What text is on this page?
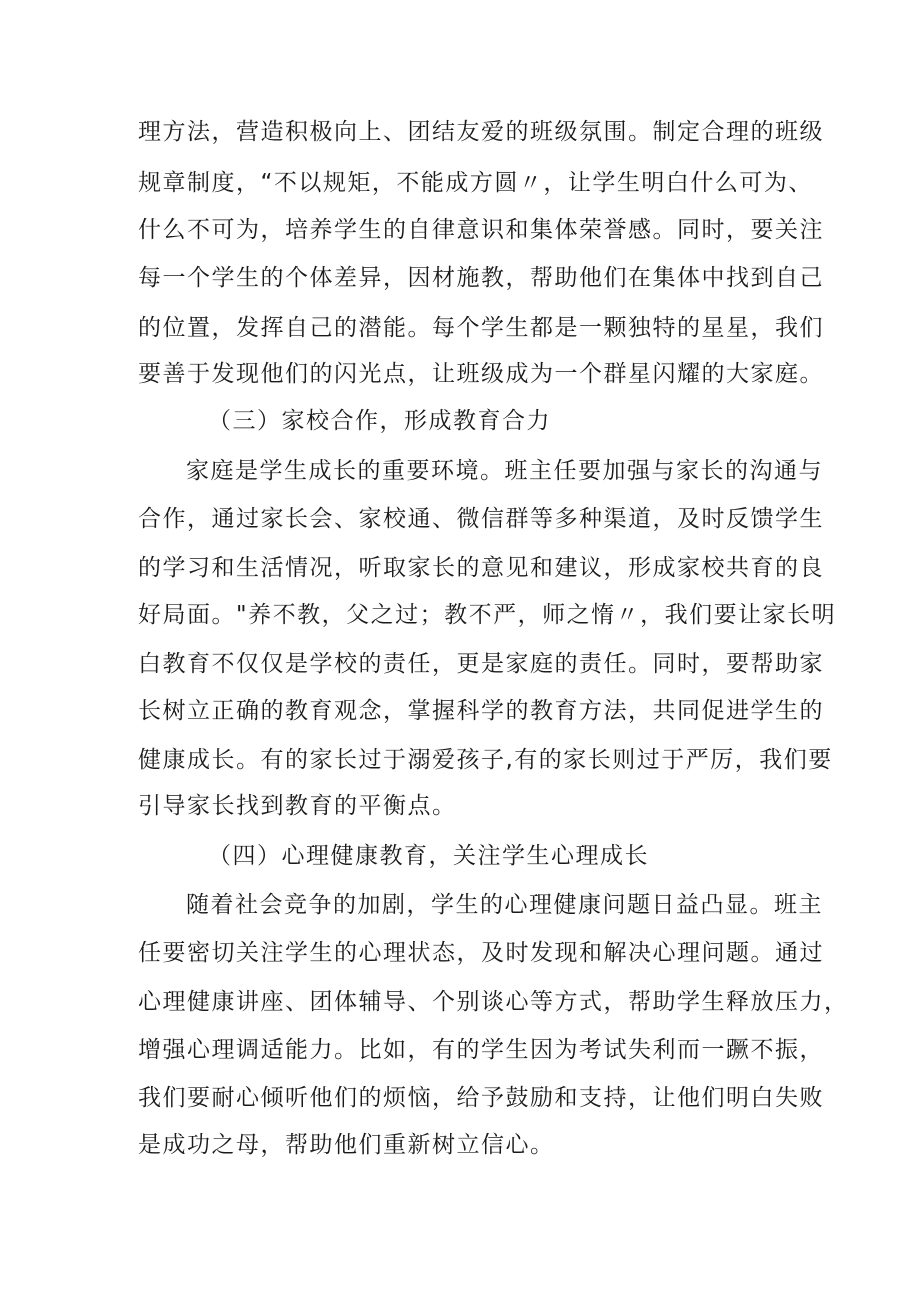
理方法，营造积极向上、团结友爱的班级氛围。制定合理的班级
规章制度，“不以规矩，不能成方圆〃，让学生明白什么可为、
什么不可为，培养学生的自律意识和集体荣誉感。同时，要关注
每一个学生的个体差异，因材施教，帮助他们在集体中找到自己
的位置，发挥自己的潜能。每个学生都是一颗独特的星星，我们
要善于发现他们的闪光点，让班级成为一个群星闪耀的大家庭。
（三）家校合作，形成教育合力
家庭是学生成长的重要环境。班主任要加强与家长的沟通与
合作，通过家长会、家校通、微信群等多种渠道，及时反馈学生
的学习和生活情况，听取家长的意见和建议，形成家校共育的良
好局面。"养不教，父之过；教不严，师之惰〃，我们要让家长明
白教育不仅仅是学校的责任，更是家庭的责任。同时，要帮助家
长树立正确的教育观念，掌握科学的教育方法，共同促进学生的
健康成长。有的家长过于溺爱孩子,有的家长则过于严厉，我们要
引导家长找到教育的平衡点。
（四）心理健康教育，关注学生心理成长
随着社会竞争的加剧，学生的心理健康问题日益凸显。班主
任要密切关注学生的心理状态，及时发现和解决心理问题。通过
心理健康讲座、团体辅导、个别谈心等方式，帮助学生释放压力，
增强心理调适能力。比如，有的学生因为考试失利而一蹶不振，
我们要耐心倾听他们的烦恼，给予鼓励和支持，让他们明白失败
是成功之母，帮助他们重新树立信心。
